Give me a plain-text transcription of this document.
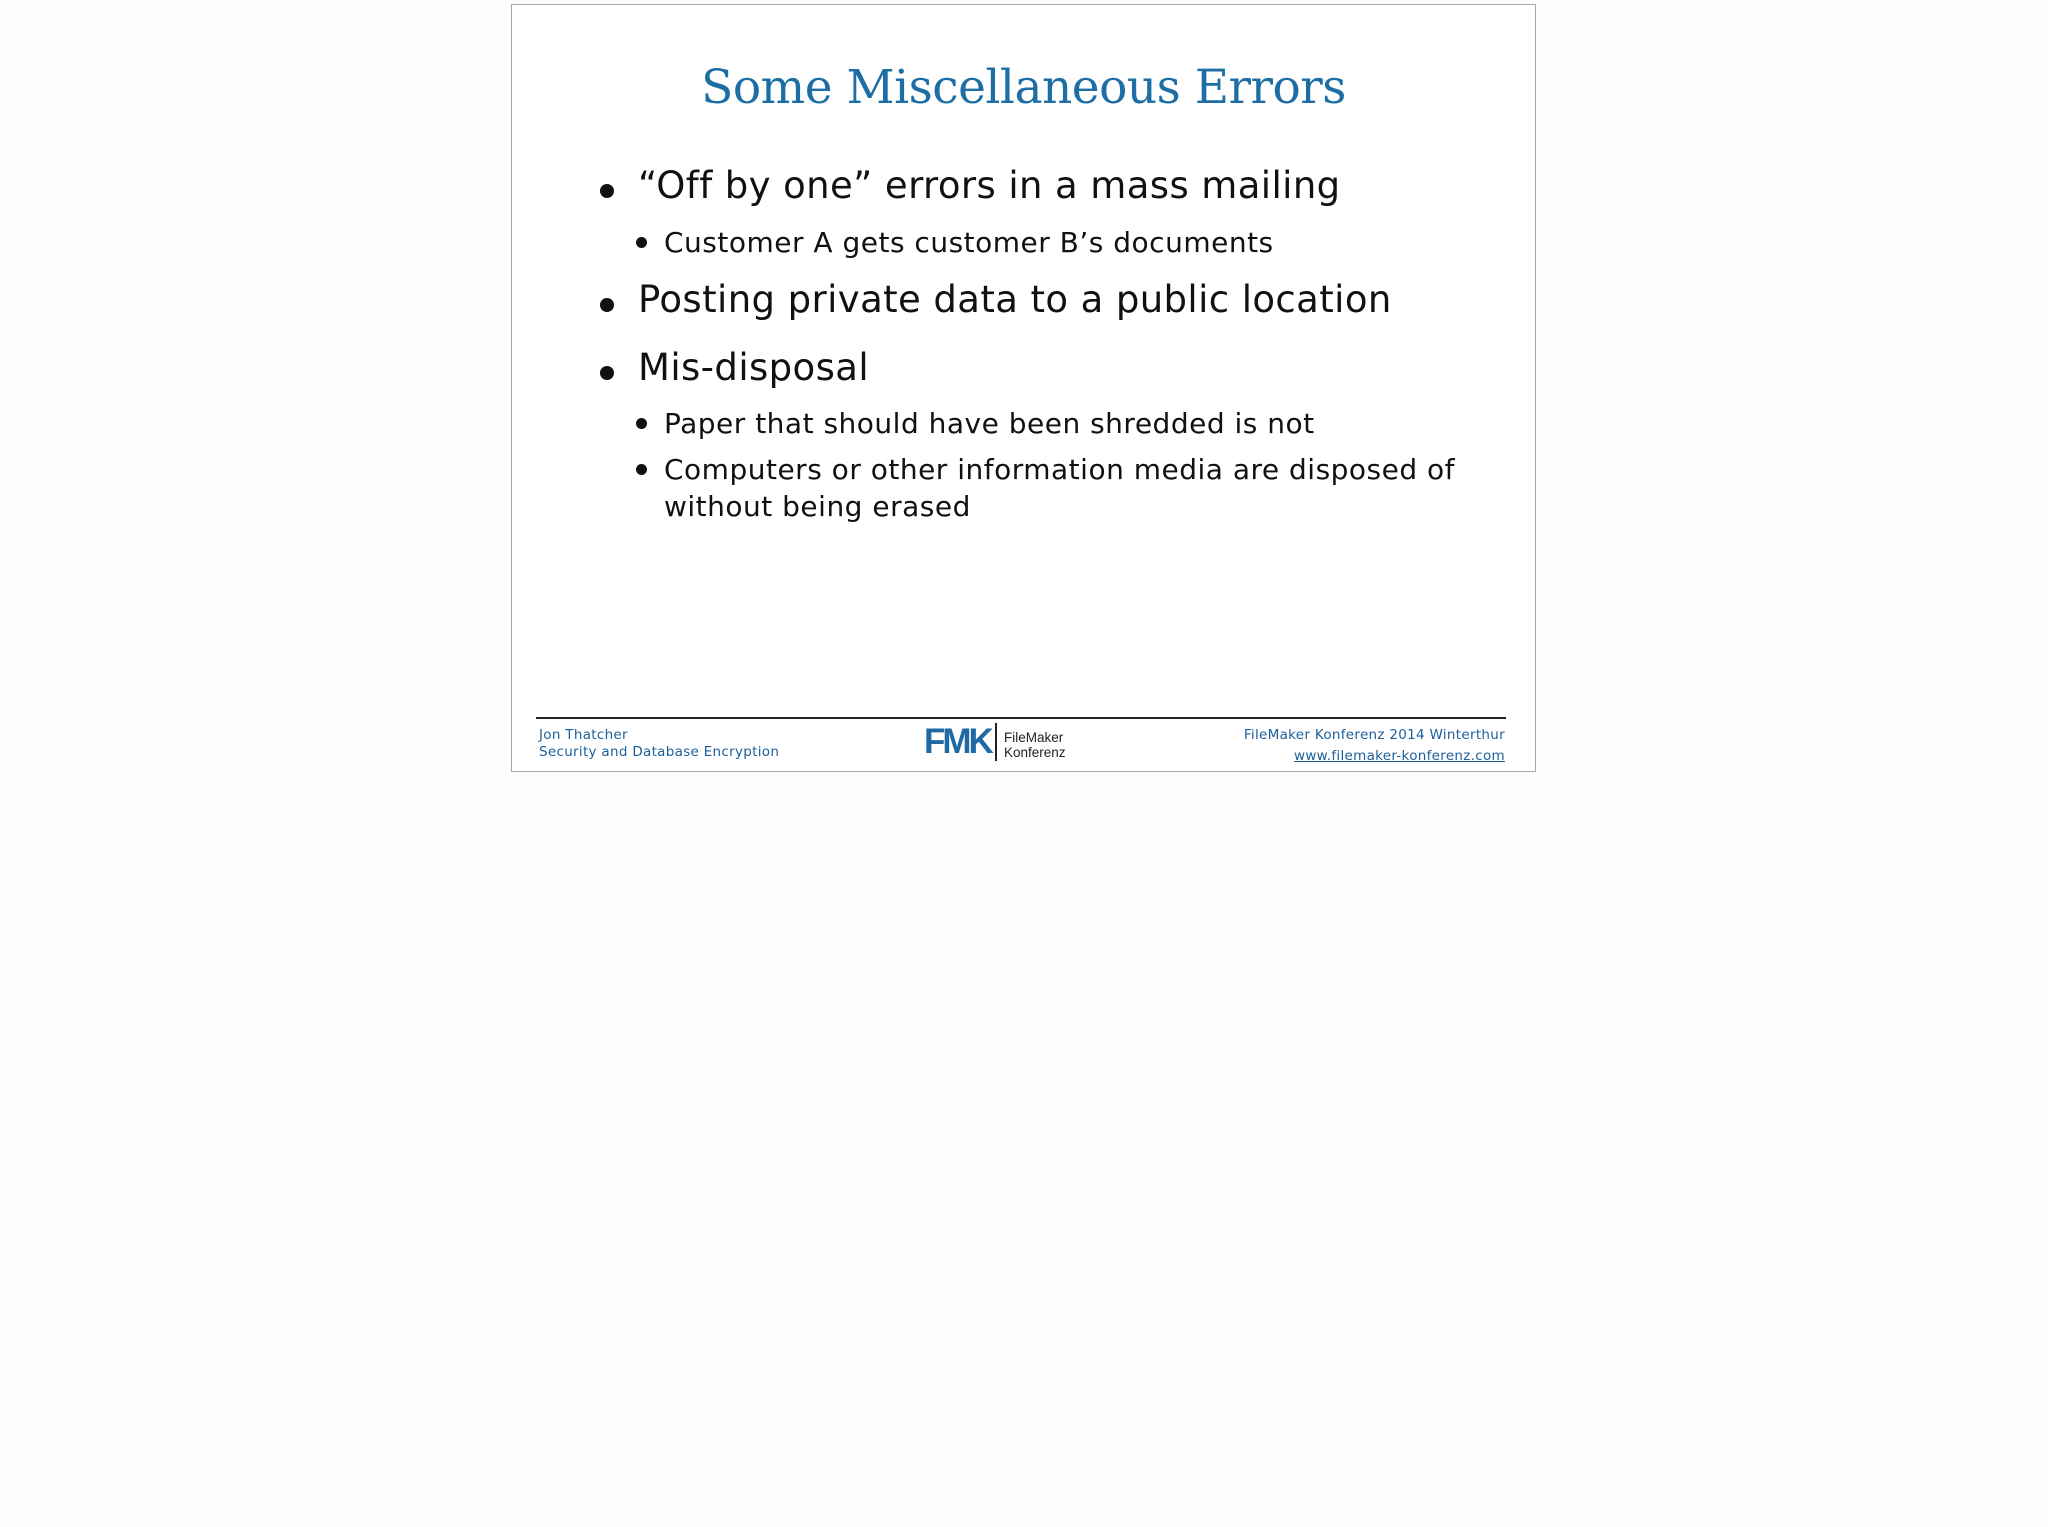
Some Miscellaneous Errors
“Off by one” errors in a mass mailing
Customer A gets customer B’s documents
Posting private data to a public location
Mis-disposal
Paper that should have been shredded is not
Computers or other information media are disposed of
without being erased
Jon Thatcher
Security and Database Encryption	FMK FileMaker
Konferenz
FileMaker Konferenz 2014 Winterthur
www.filemaker-konferenz.com
